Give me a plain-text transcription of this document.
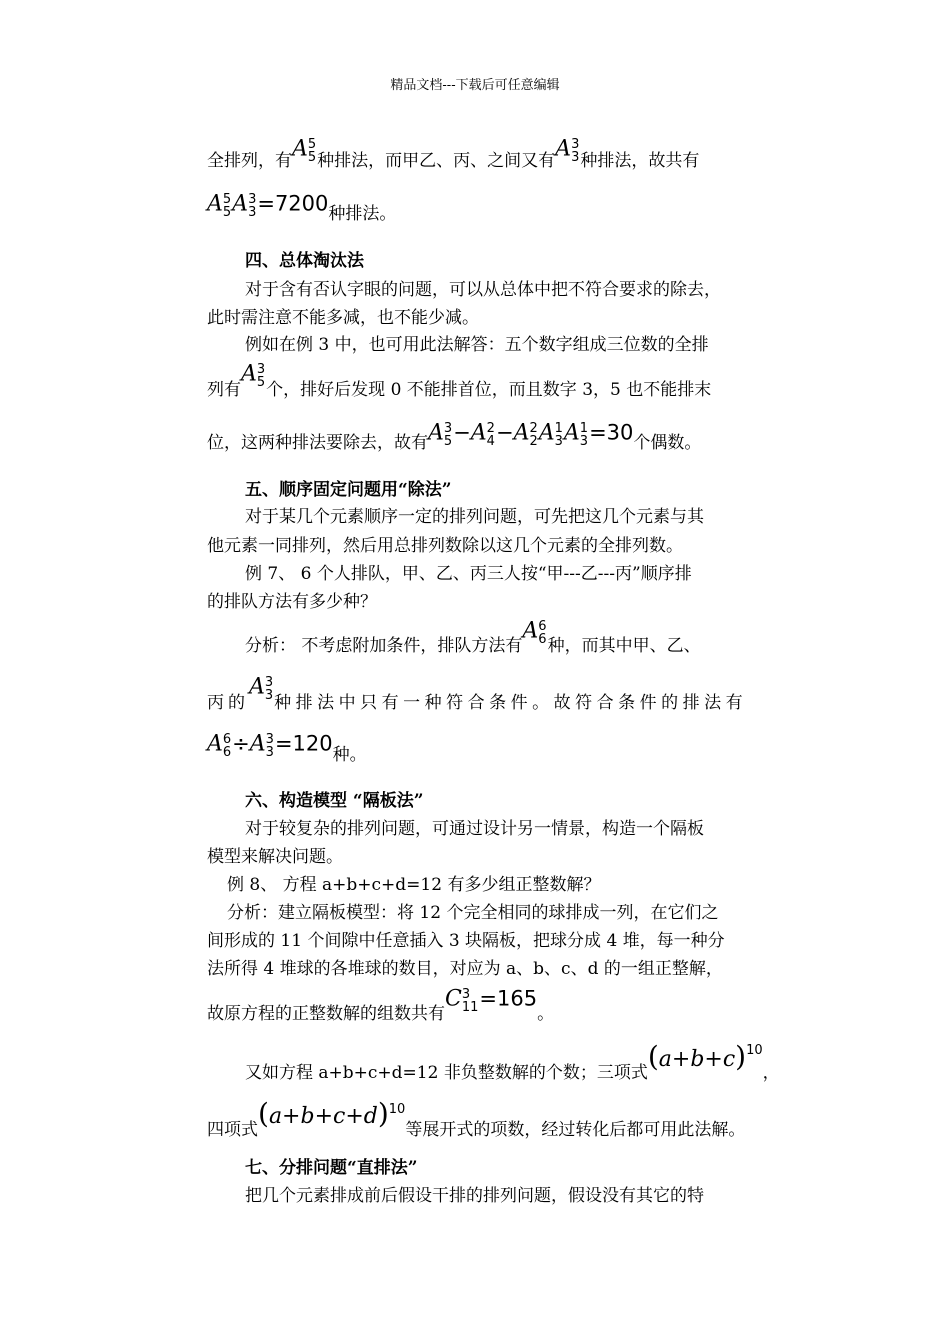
精品文档---下载后可任意编辑
全排列，有A 5
5 种排法，而甲乙、丙、之间又有A 3
3 种排法，故共有
A 5
5 A 3
3 =7200种排法。
四、总体淘汰法
对于含有否认字眼的问题，可以从总体中把不符合要求的除去，
此时需注意不能多减，也不能少减。
例如在例 3 中，也可用此法解答：五个数字组成三位数的全排
列有A 3
5 个，排好后发现 0 不能排首位，而且数字 3，5 也不能排末
位，这两种排法要除去，故有A 3
5 −A 2
4 −A 2
2 A 1
3 A 1
3 =30个偶数。
五、顺序固定问题用“除法”
对于某几个元素顺序一定的排列问题，可先把这几个元素与其
他元素一同排列，然后用总排列数除以这几个元素的全排列数。
例 7、 6 个人排队，甲、乙、丙三人按“甲---乙---丙”顺序排
的排队方法有多少种？
分析： 不考虑附加条件，排队方法有A 6
6 种，而其中甲、乙、
丙的A 3
3 种排法中只有一种符合条件。故符合条件的排法有
A 6
6 ÷A 3
3 =120种。
六、构造模型 “隔板法”
对于较复杂的排列问题，可通过设计另一情景，构造一个隔板
模型来解决问题。
例 8、 方程 a+b+c+d=12 有多少组正整数解？
分析：建立隔板模型：将 12 个完全相同的球排成一列，在它们之
间形成的 11 个间隙中任意插入 3 块隔板，把球分成 4 堆，每一种分
法所得 4 堆球的各堆球的数目，对应为 a、b、c、d 的一组正整解，
故原方程的正整数解的组数共有C 3
11 =165。
又如方程 a+b+c+d=12 非负整数解的个数；三项式$(a+b+c)^{10}$，
四项式$(a+b+c+d)^{10}$等展开式的项数，经过转化后都可用此法解。
七、分排问题“直排法”
把几个元素排成前后假设干排的排列问题，假设没有其它的特
